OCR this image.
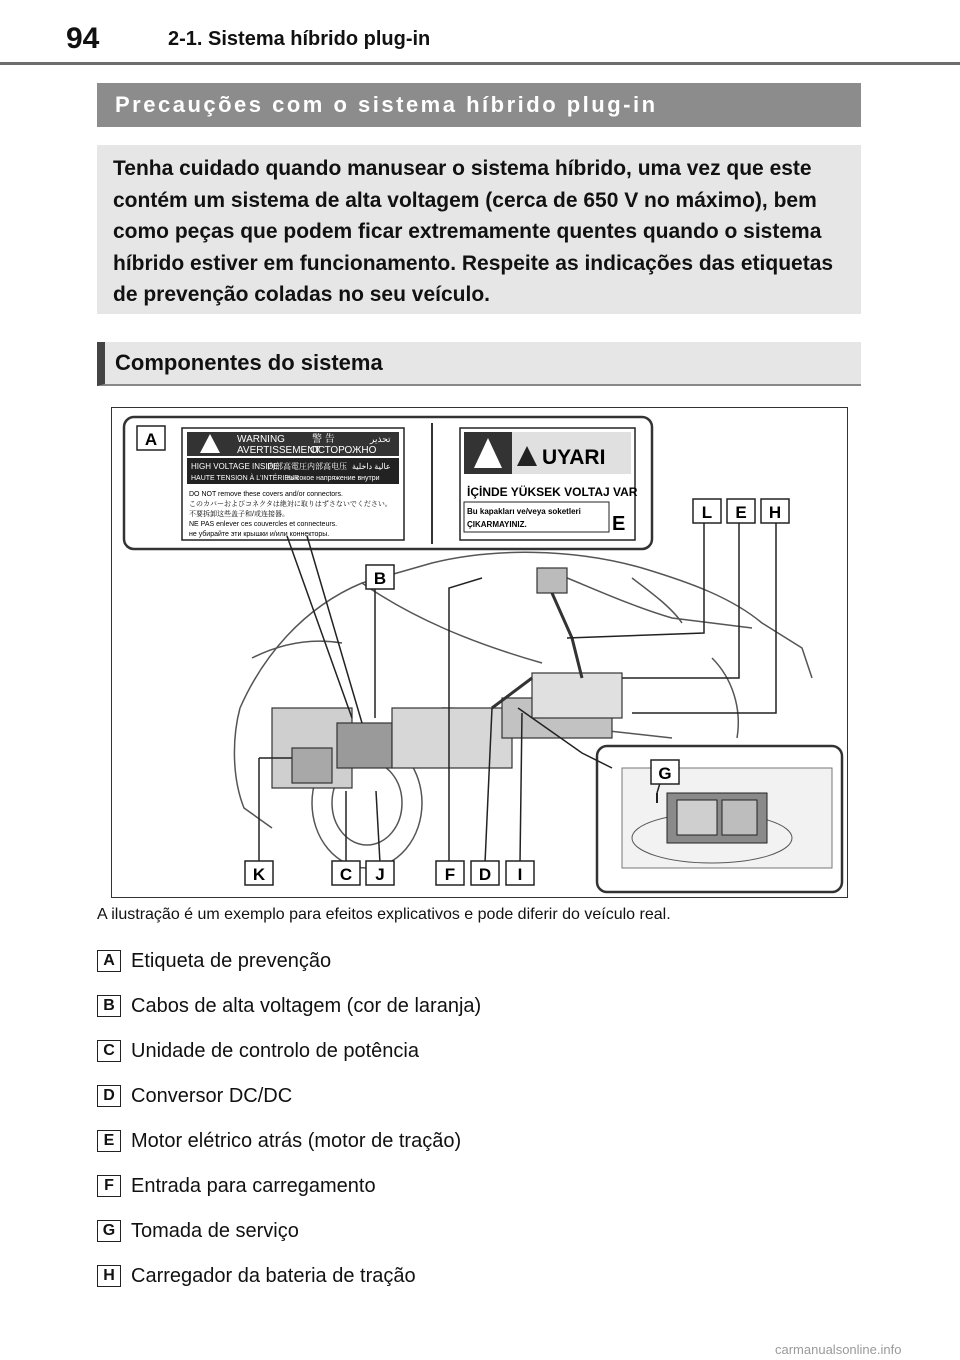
94	2-1. Sistema híbrido plug-in
Precauções com o sistema híbrido plug-in
Tenha cuidado quando manusear o sistema híbrido, uma vez que este contém um sistema de alta voltagem (cerca de 650 V no máximo), bem como peças que podem ficar extremamente quentes quando o sistema híbrido estiver em funcionamento. Respeite as indicações das etiquetas de prevenção coladas no seu veículo.
Componentes do sistema
A	WARNING
AVERTISSEMENT
警 告
ОСТОРОЖНО
تحذير
HIGH VOLTAGE INSIDE
内部高電圧 内部高电压 عالية داخلية
HAUTE TENSION À L'INTÉRIEUR
высокое напряжение внутри
DO NOT remove these covers and/or connectors.
このカバーおよびコネクタは絶対に取りはずさないでください。
不要拆卸这些盖子和/或连接器。
NE PAS enlever ces couvercles et connecteurs.
не убирайте эти крышки и/или коннекторы.
UYARI
İÇİNDE YÜKSEK VOLTAJ VAR
Bu kapakları ve/veya soketleri
ÇIKARMAYINIZ.	E
B
L E H
G
K	C J	F D I
A ilustração é um exemplo para efeitos explicativos e pode diferir do veículo real.
A Etiqueta de prevenção
B Cabos de alta voltagem (cor de laranja)
C Unidade de controlo de potência
D Conversor DC/DC
E Motor elétrico atrás (motor de tração)
F Entrada para carregamento
G Tomada de serviço
H Carregador da bateria de tração
carmanualsonline.info
